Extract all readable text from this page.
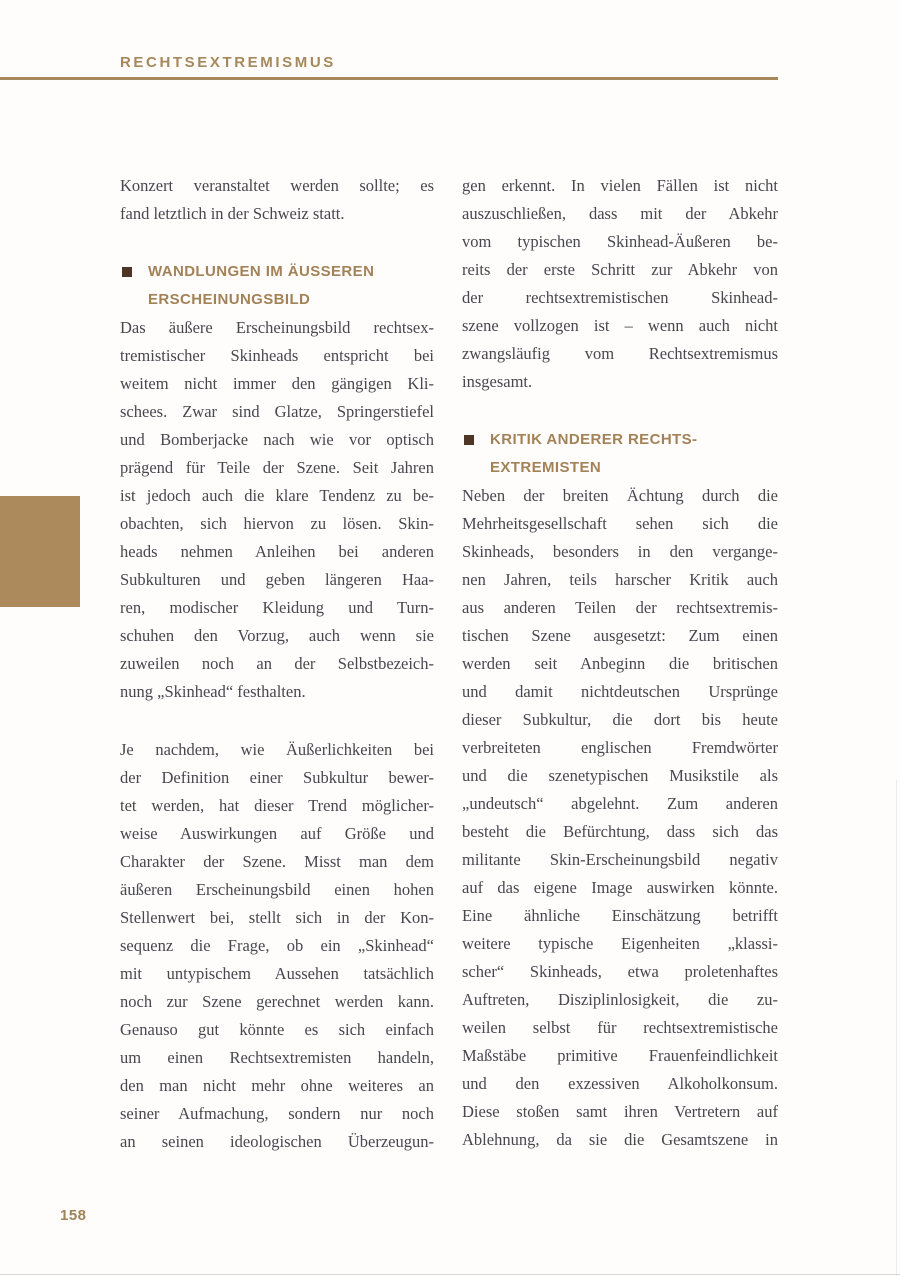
RECHTSEXTREMISMUS
Konzert veranstaltet werden sollte; es
fand letztlich in der Schweiz statt.
WANDLUNGEN IM ÄUSSEREN
ERSCHEINUNGSBILD
Das äußere Erscheinungsbild rechtsex-
tremistischer Skinheads entspricht bei
weitem nicht immer den gängigen Kli-
schees. Zwar sind Glatze, Springerstiefel
und Bomberjacke nach wie vor optisch
prägend für Teile der Szene. Seit Jahren
ist jedoch auch die klare Tendenz zu be-
obachten, sich hiervon zu lösen. Skin-
heads nehmen Anleihen bei anderen
Subkulturen und geben längeren Haa-
ren, modischer Kleidung und Turn-
schuhen den Vorzug, auch wenn sie
zuweilen noch an der Selbstbezeich-
nung „Skinhead“ festhalten.
Je nachdem, wie Äußerlichkeiten bei
der Definition einer Subkultur bewer-
tet werden, hat dieser Trend möglicher-
weise Auswirkungen auf Größe und
Charakter der Szene. Misst man dem
äußeren Erscheinungsbild einen hohen
Stellenwert bei, stellt sich in der Kon-
sequenz die Frage, ob ein „Skinhead“
mit untypischem Aussehen tatsächlich
noch zur Szene gerechnet werden kann.
Genauso gut könnte es sich einfach
um einen Rechtsextremisten handeln,
den man nicht mehr ohne weiteres an
seiner Aufmachung, sondern nur noch
an seinen ideologischen Überzeugun-
gen erkennt. In vielen Fällen ist nicht
auszuschließen, dass mit der Abkehr
vom typischen Skinhead-Äußeren be-
reits der erste Schritt zur Abkehr von
der rechtsextremistischen Skinhead-
szene vollzogen ist – wenn auch nicht
zwangsläufig vom Rechtsextremismus
insgesamt.
KRITIK ANDERER RECHTS-
EXTREMISTEN
Neben der breiten Ächtung durch die
Mehrheitsgesellschaft sehen sich die
Skinheads, besonders in den vergange-
nen Jahren, teils harscher Kritik auch
aus anderen Teilen der rechtsextremis-
tischen Szene ausgesetzt: Zum einen
werden seit Anbeginn die britischen
und damit nichtdeutschen Ursprünge
dieser Subkultur, die dort bis heute
verbreiteten englischen Fremdwörter
und die szenetypischen Musikstile als
„undeutsch“ abgelehnt. Zum anderen
besteht die Befürchtung, dass sich das
militante Skin-Erscheinungsbild negativ
auf das eigene Image auswirken könnte.
Eine ähnliche Einschätzung betrifft
weitere typische Eigenheiten „klassi-
scher“ Skinheads, etwa proletenhaftes
Auftreten, Disziplinlosigkeit, die zu-
weilen selbst für rechtsextremistische
Maßstäbe primitive Frauenfeindlichkeit
und den exzessiven Alkoholkonsum.
Diese stoßen samt ihren Vertretern auf
Ablehnung, da sie die Gesamtszene in
158
